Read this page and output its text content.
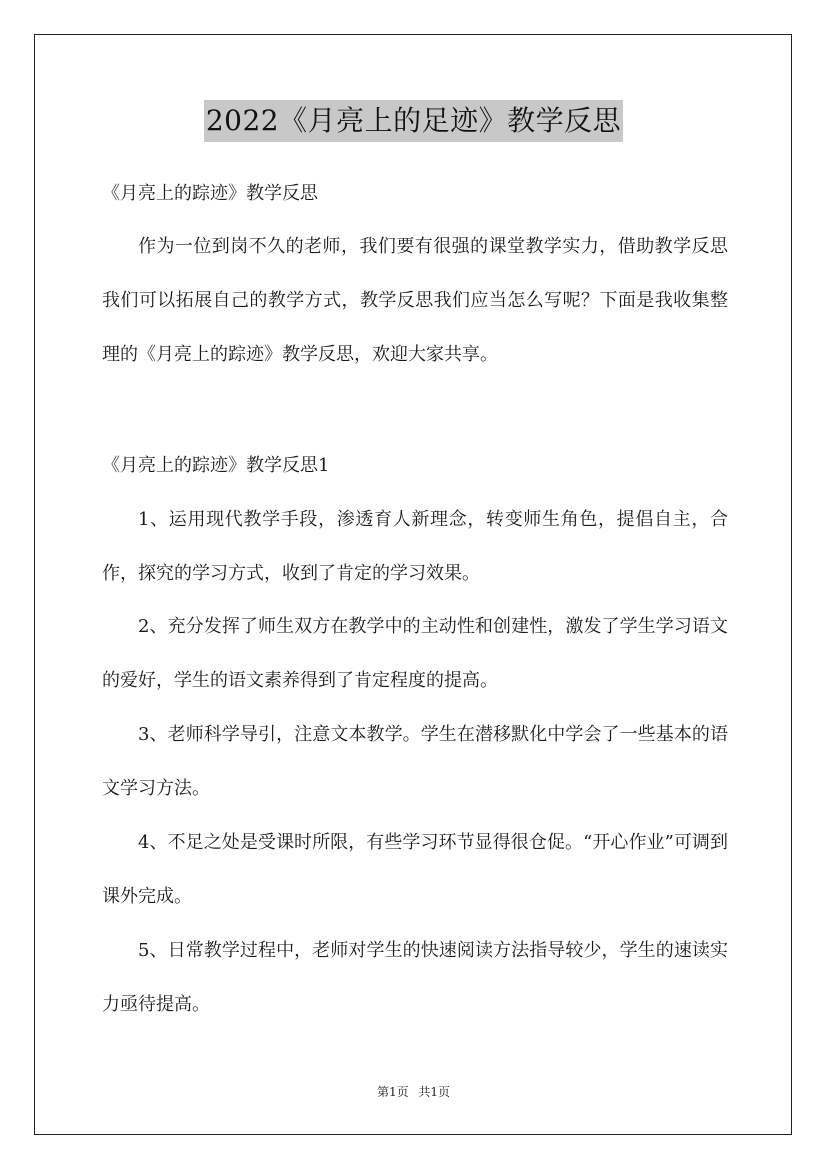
2022《月亮上的足迹》教学反思
《月亮上的踪迹》教学反思
作为一位到岗不久的老师，我们要有很强的课堂教学实力，借助教学反思我们可以拓展自己的教学方式，教学反思我们应当怎么写呢？下面是我收集整理的《月亮上的踪迹》教学反思，欢迎大家共享。
《月亮上的踪迹》教学反思1
1、运用现代教学手段，渗透育人新理念，转变师生角色，提倡自主，合作，探究的学习方式，收到了肯定的学习效果。
2、充分发挥了师生双方在教学中的主动性和创建性，激发了学生学习语文的爱好，学生的语文素养得到了肯定程度的提高。
3、老师科学导引，注意文本教学。学生在潜移默化中学会了一些基本的语文学习方法。
4、不足之处是受课时所限，有些学习环节显得很仓促。“开心作业”可调到课外完成。
5、日常教学过程中，老师对学生的快速阅读方法指导较少，学生的速读实力亟待提高。
第1页 共1页
